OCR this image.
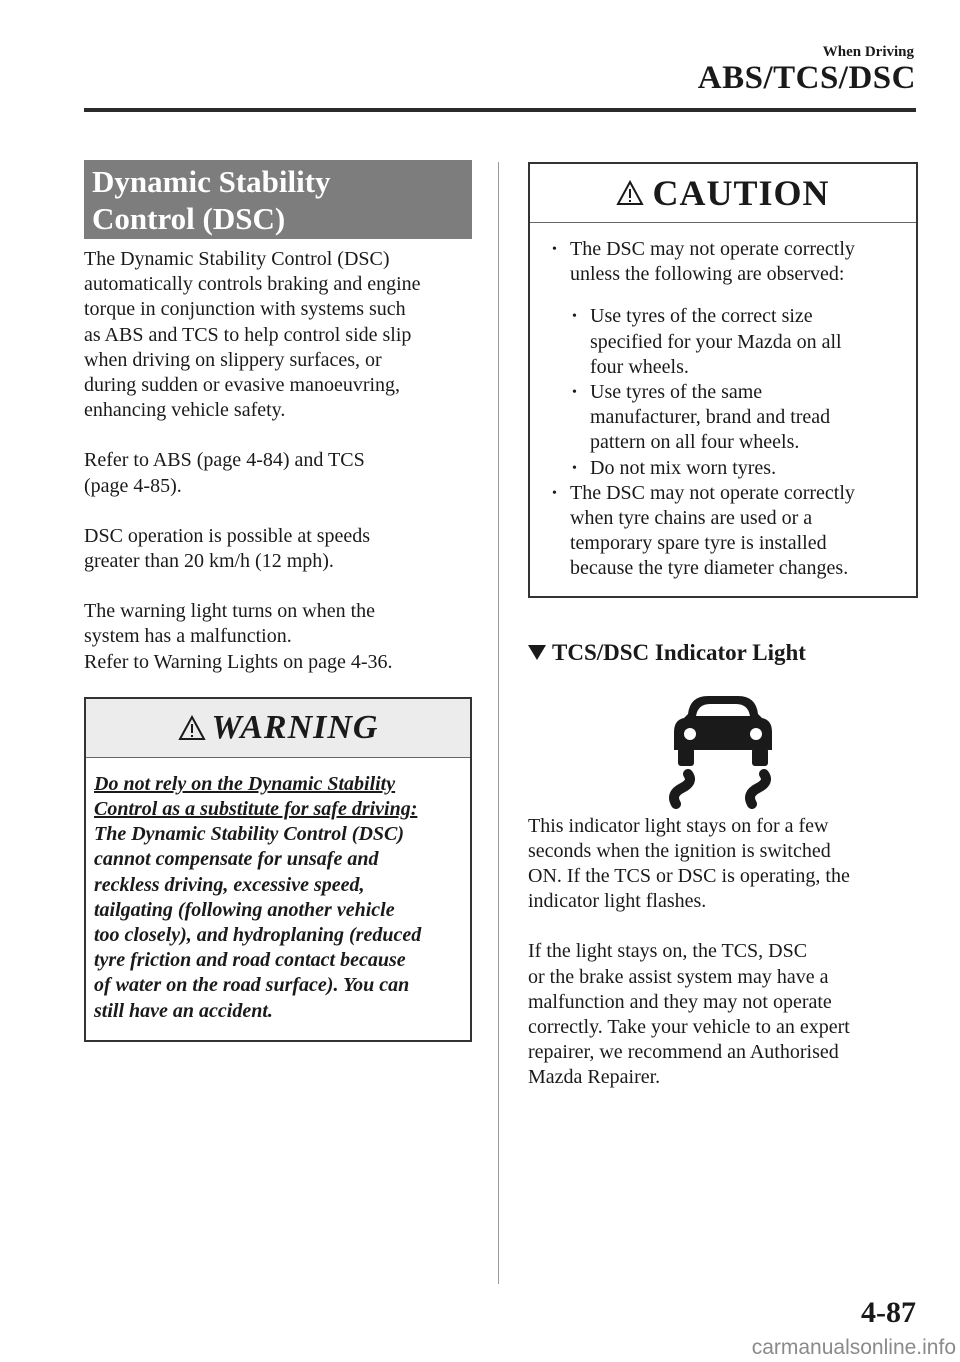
When Driving
ABS/TCS/DSC
Dynamic Stability
Control (DSC)

The Dynamic Stability Control (DSC)
automatically controls braking and engine
torque in conjunction with systems such
as ABS and TCS to help control side slip
when driving on slippery surfaces, or
during sudden or evasive manoeuvring,
enhancing vehicle safety.

Refer to ABS (page 4-84) and TCS
(page 4-85).

DSC operation is possible at speeds
greater than 20 km/h (12 mph).

The warning light turns on when the
system has a malfunction.
Refer to Warning Lights on page 4-36.

WARNING
Do not rely on the Dynamic Stability
Control as a substitute for safe driving:
The Dynamic Stability Control (DSC)
cannot compensate for unsafe and
reckless driving, excessive speed,
tailgating (following another vehicle
too closely), and hydroplaning (reduced
tyre friction and road contact because
of water on the road surface). You can
still have an accident.
CAUTION
• The DSC may not operate correctly
unless the following are observed:
• Use tyres of the correct size
specified for your Mazda on all
four wheels.
• Use tyres of the same
manufacturer, brand and tread
pattern on all four wheels.
• Do not mix worn tyres.
• The DSC may not operate correctly
when tyre chains are used or a
temporary spare tyre is installed
because the tyre diameter changes.
TCS/DSC Indicator Light

This indicator light stays on for a few
seconds when the ignition is switched
ON. If the TCS or DSC is operating, the
indicator light flashes.

If the light stays on, the TCS, DSC
or the brake assist system may have a
malfunction and they may not operate
correctly. Take your vehicle to an expert
repairer, we recommend an Authorised
Mazda Repairer.

4-87
carmanualsonline.info
